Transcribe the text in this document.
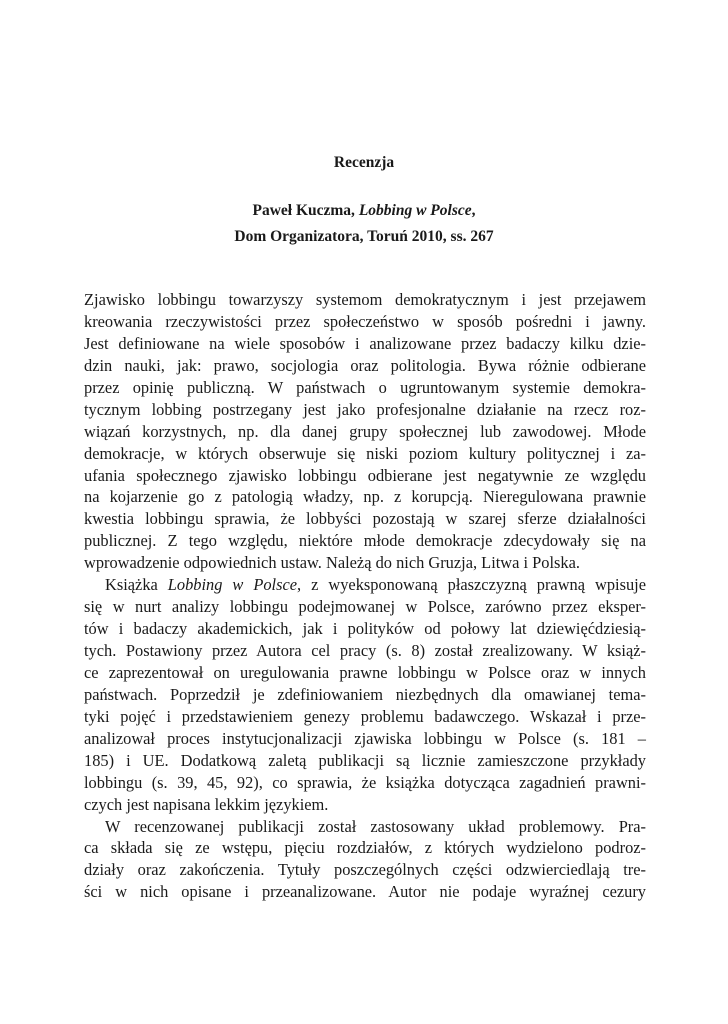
Recenzja
Paweł Kuczma, Lobbing w Polsce,
Dom Organizatora, Toruń 2010, ss. 267
Zjawisko lobbingu towarzyszy systemom demokratycznym i jest przejawem
kreowania rzeczywistości przez społeczeństwo w sposób pośredni i jawny.
Jest definiowane na wiele sposobów i analizowane przez badaczy kilku dzie-
dzin nauki, jak: prawo, socjologia oraz politologia. Bywa różnie odbierane
przez opinię publiczną. W państwach o ugruntowanym systemie demokra-
tycznym lobbing postrzegany jest jako profesjonalne działanie na rzecz roz-
wiązań korzystnych, np. dla danej grupy społecznej lub zawodowej. Młode
demokracje, w których obserwuje się niski poziom kultury politycznej i za-
ufania społecznego zjawisko lobbingu odbierane jest negatywnie ze względu
na kojarzenie go z patologią władzy, np. z korupcją. Nieregulowana prawnie
kwestia lobbingu sprawia, że lobbyści pozostają w szarej sferze działalności
publicznej. Z tego względu, niektóre młode demokracje zdecydowały się na
wprowadzenie odpowiednich ustaw. Należą do nich Gruzja, Litwa i Polska.
Książka Lobbing w Polsce, z wyeksponowaną płaszczyzną prawną wpisuje
się w nurt analizy lobbingu podejmowanej w Polsce, zarówno przez eksper-
tów i badaczy akademickich, jak i polityków od połowy lat dziewięćdziesią-
tych. Postawiony przez Autora cel pracy (s. 8) został zrealizowany. W książ-
ce zaprezentował on uregulowania prawne lobbingu w Polsce oraz w innych
państwach. Poprzedził je zdefiniowaniem niezbędnych dla omawianej tema-
tyki pojęć i przedstawieniem genezy problemu badawczego. Wskazał i prze-
analizował proces instytucjonalizacji zjawiska lobbingu w Polsce (s. 181 –
185) i UE. Dodatkową zaletą publikacji są licznie zamieszczone przykłady
lobbingu (s. 39, 45, 92), co sprawia, że książka dotycząca zagadnień prawni-
czych jest napisana lekkim językiem.
W recenzowanej publikacji został zastosowany układ problemowy. Pra-
ca składa się ze wstępu, pięciu rozdziałów, z których wydzielono podroz-
działy oraz zakończenia. Tytuły poszczególnych części odzwierciedlają tre-
ści w nich opisane i przeanalizowane. Autor nie podaje wyraźnej cezury
